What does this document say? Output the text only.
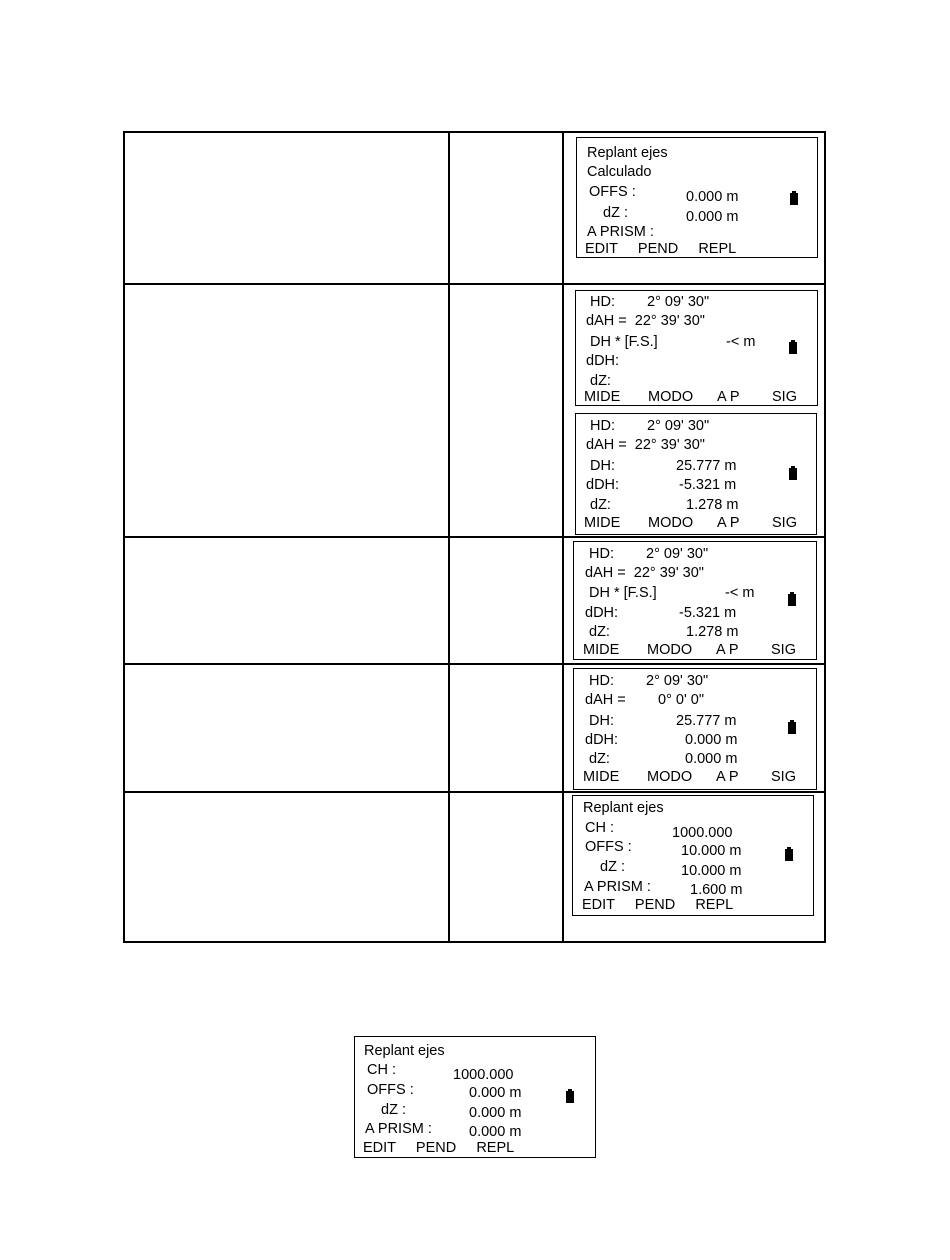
Replant ejes
Calculado
OFFS :	0.000 m
dZ :	0.000 m
A PRISM :
EDIT     PEND     REPL
HD: 2° 09' 30"
dAH =  22° 39' 30"
DH * [F.S.]	-< m
dDH:
dZ:
MIDE MODO A P SIG
HD: 2° 09' 30"
dAH =  22° 39' 30"
DH:	25.777 m
dDH:	-5.321 m
dZ:	1.278 m
MIDE MODO A P SIG
HD: 2° 09' 30"
dAH =  22° 39' 30"
DH * [F.S.]	-< m
dDH:	-5.321 m
dZ:	1.278 m
MIDE MODO A P SIG
HD: 2° 09' 30"
dAH = 0° 0' 0"
DH:	25.777 m
dDH:	0.000 m
dZ:	0.000 m
MIDE MODO A P SIG
Replant ejes
CH :	1000.000
OFFS :	10.000 m
dZ :	10.000 m
A PRISM :	1.600 m
EDIT     PEND     REPL
Replant ejes
CH :	1000.000
OFFS :	0.000 m
dZ :	0.000 m
A PRISM :	0.000 m
EDIT     PEND     REPL
